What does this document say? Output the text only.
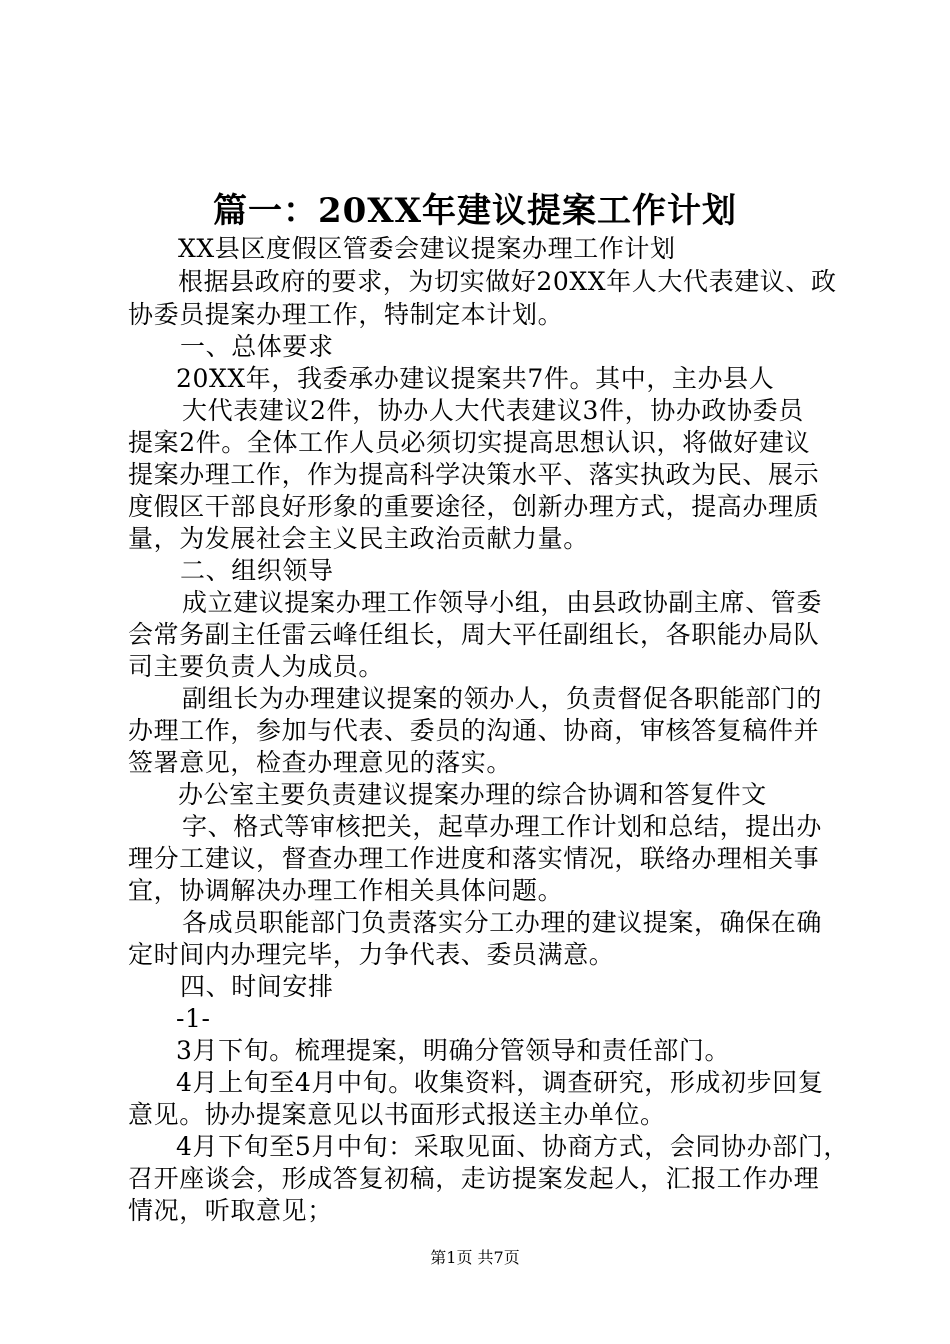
篇一：20XX年建议提案工作计划
XX县区度假区管委会建议提案办理工作计划
根据县政府的要求，为切实做好20XX年人大代表建议、政
协委员提案办理工作，特制定本计划。
一、总体要求
20XX年，我委承办建议提案共7件。其中，主办县人
大代表建议2件，协办人大代表建议3件，协办政协委员
提案2件。全体工作人员必须切实提高思想认识，将做好建议
提案办理工作，作为提高科学决策水平、落实执政为民、展示
度假区干部良好形象的重要途径，创新办理方式，提高办理质
量，为发展社会主义民主政治贡献力量。
二、组织领导
成立建议提案办理工作领导小组，由县政协副主席、管委
会常务副主任雷云峰任组长，周大平任副组长，各职能办局队
司主要负责人为成员。
副组长为办理建议提案的领办人，负责督促各职能部门的
办理工作，参加与代表、委员的沟通、协商，审核答复稿件并
签署意见，检查办理意见的落实。
办公室主要负责建议提案办理的综合协调和答复件文
字、格式等审核把关，起草办理工作计划和总结，提出办
理分工建议，督查办理工作进度和落实情况，联络办理相关事
宜，协调解决办理工作相关具体问题。
各成员职能部门负责落实分工办理的建议提案，确保在确
定时间内办理完毕，力争代表、委员满意。
四、时间安排
-1-
3月下旬。梳理提案，明确分管领导和责任部门。
4月上旬至4月中旬。收集资料，调查研究，形成初步回复
意见。协办提案意见以书面形式报送主办单位。
4月下旬至5月中旬：采取见面、协商方式，会同协办部门，
召开座谈会，形成答复初稿，走访提案发起人，汇报工作办理
情况，听取意见；
第1页 共7页
